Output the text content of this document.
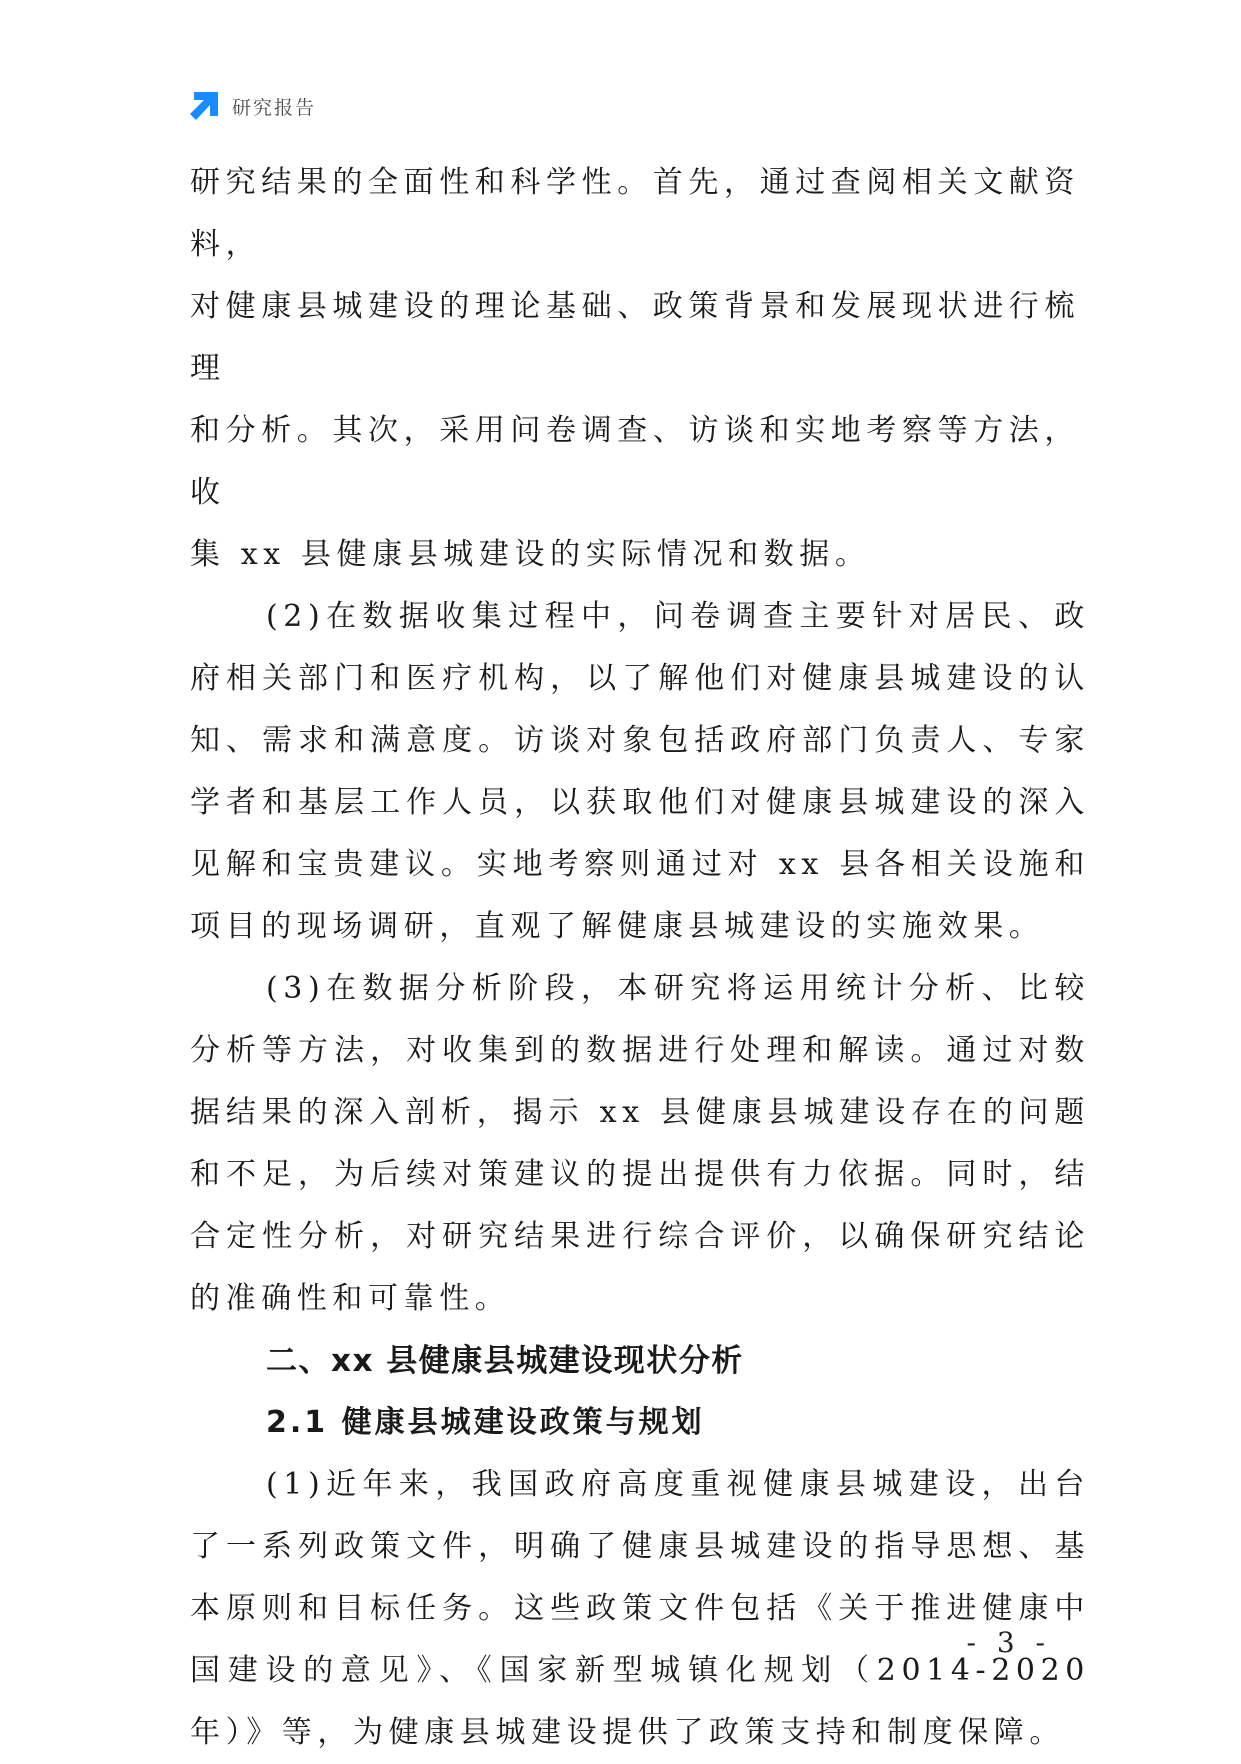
研究报告

研究结果的全面性和科学性。首先，通过查阅相关文献资料，
对健康县城建设的理论基础、政策背景和发展现状进行梳理
和分析。其次，采用问卷调查、访谈和实地考察等方法，收
集 xx 县健康县城建设的实际情况和数据。

(2)在数据收集过程中，问卷调查主要针对居民、政府相关部门和医疗机构，以了解他们对健康县城建设的认知、需求和满意度。访谈对象包括政府部门负责人、专家学者和基层工作人员，以获取他们对健康县城建设的深入见解和宝贵建议。实地考察则通过对 xx 县各相关设施和项目的现场调研，直观了解健康县城建设的实施效果。

(3)在数据分析阶段，本研究将运用统计分析、比较分析等方法，对收集到的数据进行处理和解读。通过对数据结果的深入剖析，揭示 xx 县健康县城建设存在的问题和不足，为后续对策建议的提出提供有力依据。同时，结合定性分析，对研究结果进行综合评价，以确保研究结论的准确性和可靠性。

二、xx 县健康县城建设现状分析
2.1 健康县城建设政策与规划

(1)近年来，我国政府高度重视健康县城建设，出台了一系列政策文件，明确了健康县城建设的指导思想、基本原则和目标任务。这些政策文件包括《关于推进健康中国建设的意见》、《国家新型城镇化规划（2014-2020 年）》等，为健康县城建设提供了政策支持和制度保障。

- 3 -
